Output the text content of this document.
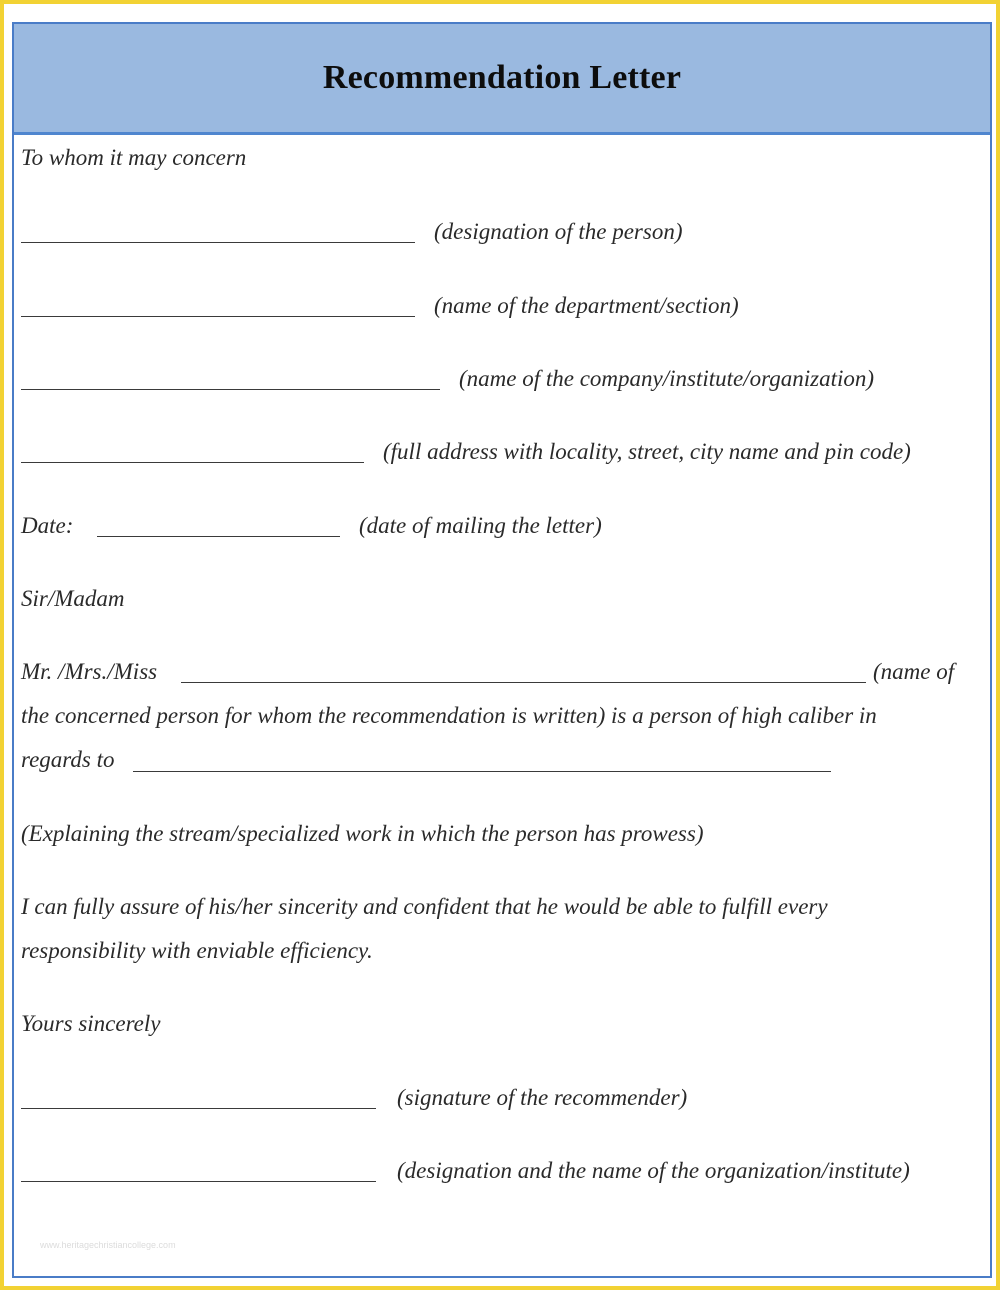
Recommendation Letter
To whom it may concern
(designation of the person)
(name of the department/section)
(name of the company/institute/organization)
(full address with locality, street, city name and pin code)
Date:	(date of mailing the letter)
Sir/Madam
Mr. /Mrs./Miss	(name of
the concerned person for whom the recommendation is written) is a person of high caliber in
regards to
(Explaining the stream/specialized work in which the person has prowess)
I can fully assure of his/her sincerity and confident that he would be able to fulfill every
responsibility with enviable efficiency.
Yours sincerely
(signature of the recommender)
(designation and the name of the organization/institute)
www.heritagechristiancollege.com
